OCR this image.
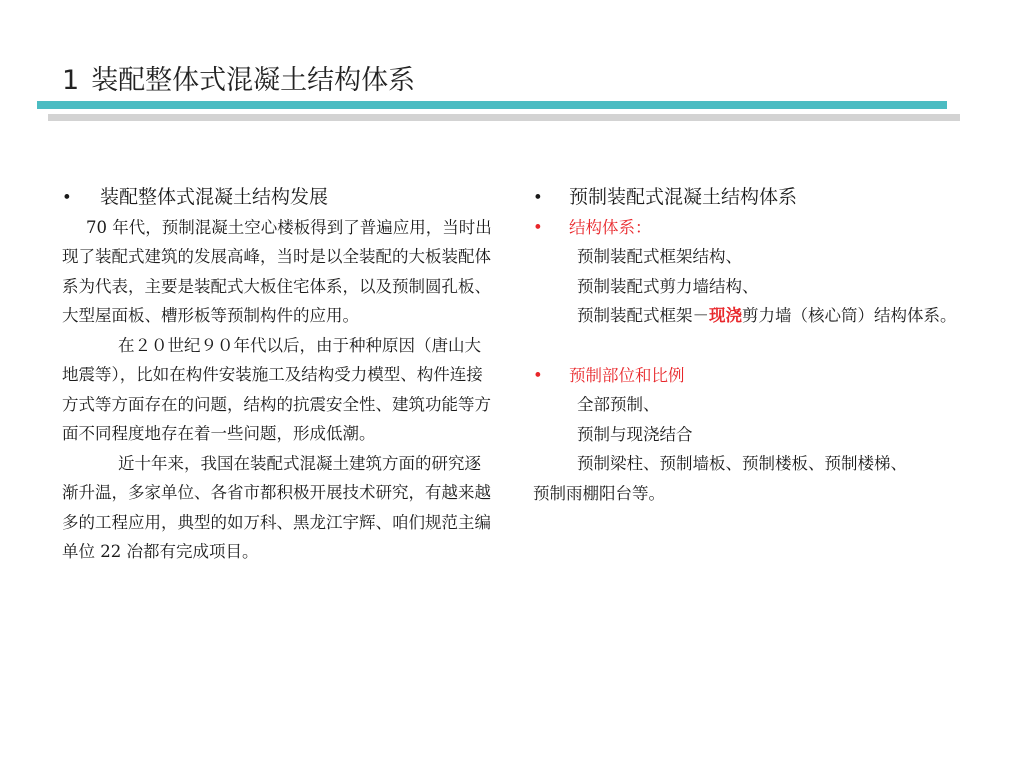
1 装配整体式混凝土结构体系
•	装配整体式混凝土结构发展

70 年代，预制混凝土空心楼板得到了普遍应用，当时出现了装配式建筑的发展高峰，当时是以全装配的大板装配体系为代表，主要是装配式大板住宅体系，以及预制圆孔板、大型屋面板、槽形板等预制构件的应用。

在２０世纪９０年代以后，由于种种原因（唐山大地震等），比如在构件安装施工及结构受力模型、构件连接方式等方面存在的问题，结构的抗震安全性、建筑功能等方面不同程度地存在着一些问题，形成低潮。

近十年来，我国在装配式混凝土建筑方面的研究逐渐升温，多家单位、各省市都积极开展技术研究，有越来越多的工程应用，典型的如万科、黑龙江宇辉、咱们规范主编单位 22 冶都有完成项目。

•	预制装配式混凝土结构体系
•	结构体系：
预制装配式框架结构、
预制装配式剪力墙结构、
预制装配式框架－现浇剪力墙（核心筒）结构体系。
•	预制部位和比例
全部预制、
预制与现浇结合
预制梁柱、预制墙板、预制楼板、预制楼梯、
预制雨棚阳台等。
